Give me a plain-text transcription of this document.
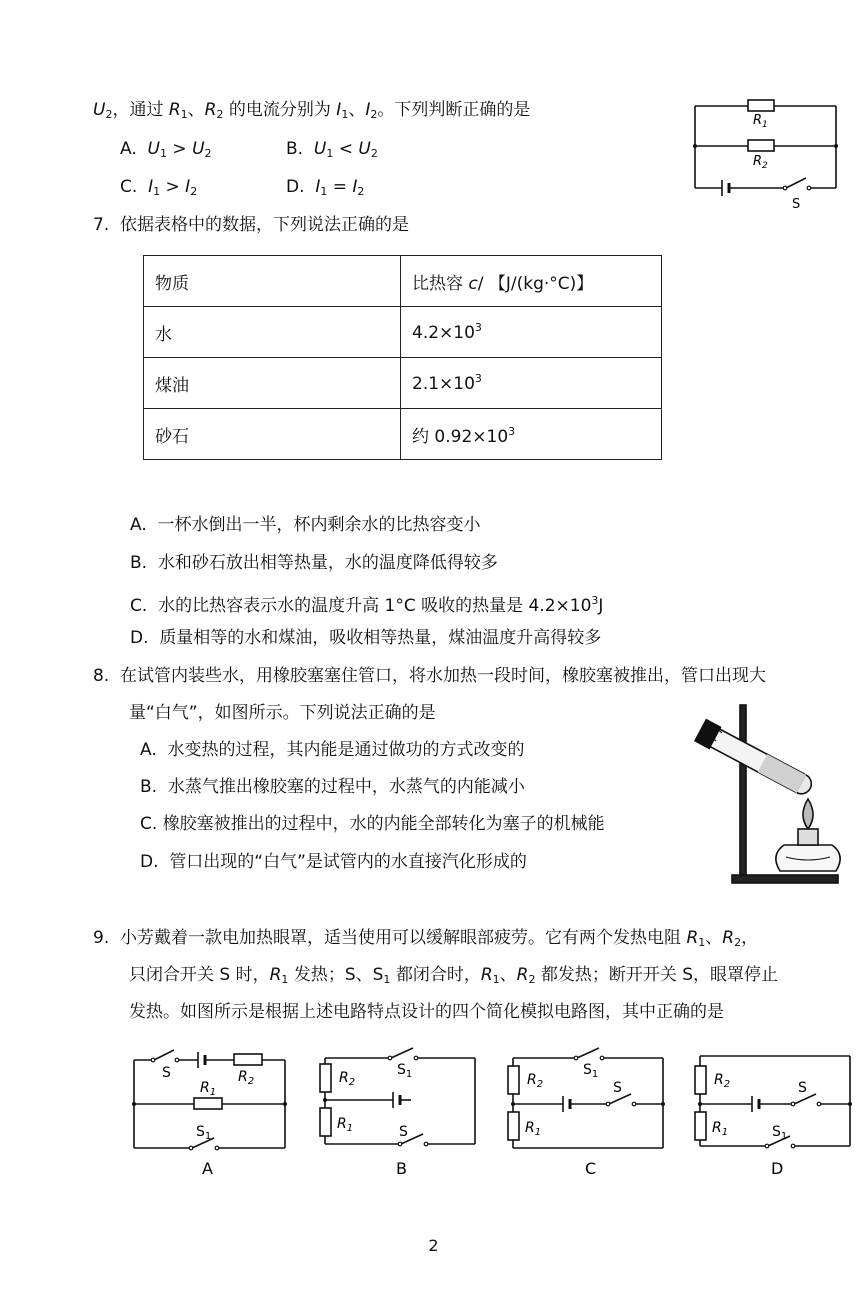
$U_2$，通过 $R_1$、$R_2$ 的电流分别为 $I_1$、$I_2$。下列判断正确的是
A. $U_1 > U_2$	B. $U_1 < U_2$
C. $I_1 > I_2$	D. $I_1 = I_2$
$R_1$
$R_2$
S
7. 依据表格中的数据，下列说法正确的是
物质	比热容 c/ 【J/(kg·°C)】
水	$4.2\times 10^3$
煤油	$2.1\times 10^3$
砂石	约 $0.92\times 10^3$
A. 一杯水倒出一半，杯内剩余水的比热容变小
B. 水和砂石放出相等热量，水的温度降低得较多
C. 水的比热容表示水的温度升高 1°C 吸收的热量是 $4.2\times 10^3J$
D. 质量相等的水和煤油，吸收相等热量，煤油温度升高得较多
8. 在试管内装些水，用橡胶塞塞住管口，将水加热一段时间，橡胶塞被推出，管口出现大
量“白气”，如图所示。下列说法正确的是
A. 水变热的过程，其内能是通过做功的方式改变的
B. 水蒸气推出橡胶塞的过程中，水蒸气的内能减小
C. 橡胶塞被推出的过程中，水的内能全部转化为塞子的机械能
D. 管口出现的“白气”是试管内的水直接汽化形成的
9. 小芳戴着一款电加热眼罩，适当使用可以缓解眼部疲劳。它有两个发热电阻 $R_1$、$R_2$，
只闭合开关 S 时，$R_1$ 发热；S、$S_1$ 都闭合时，$R_1$、$R_2$ 都发热；断开开关 S，眼罩停止
发热。如图所示是根据上述电路特点设计的四个简化模拟电路图，其中正确的是
S	$R_2$
$R_1$
$S_1$
A
$R_2$
$S_1$
$R_1$	S
B
$R_2$
$S_1$
S
$R_1$
C
$R_2$	S
$R_1$	$S_1$
D
2
